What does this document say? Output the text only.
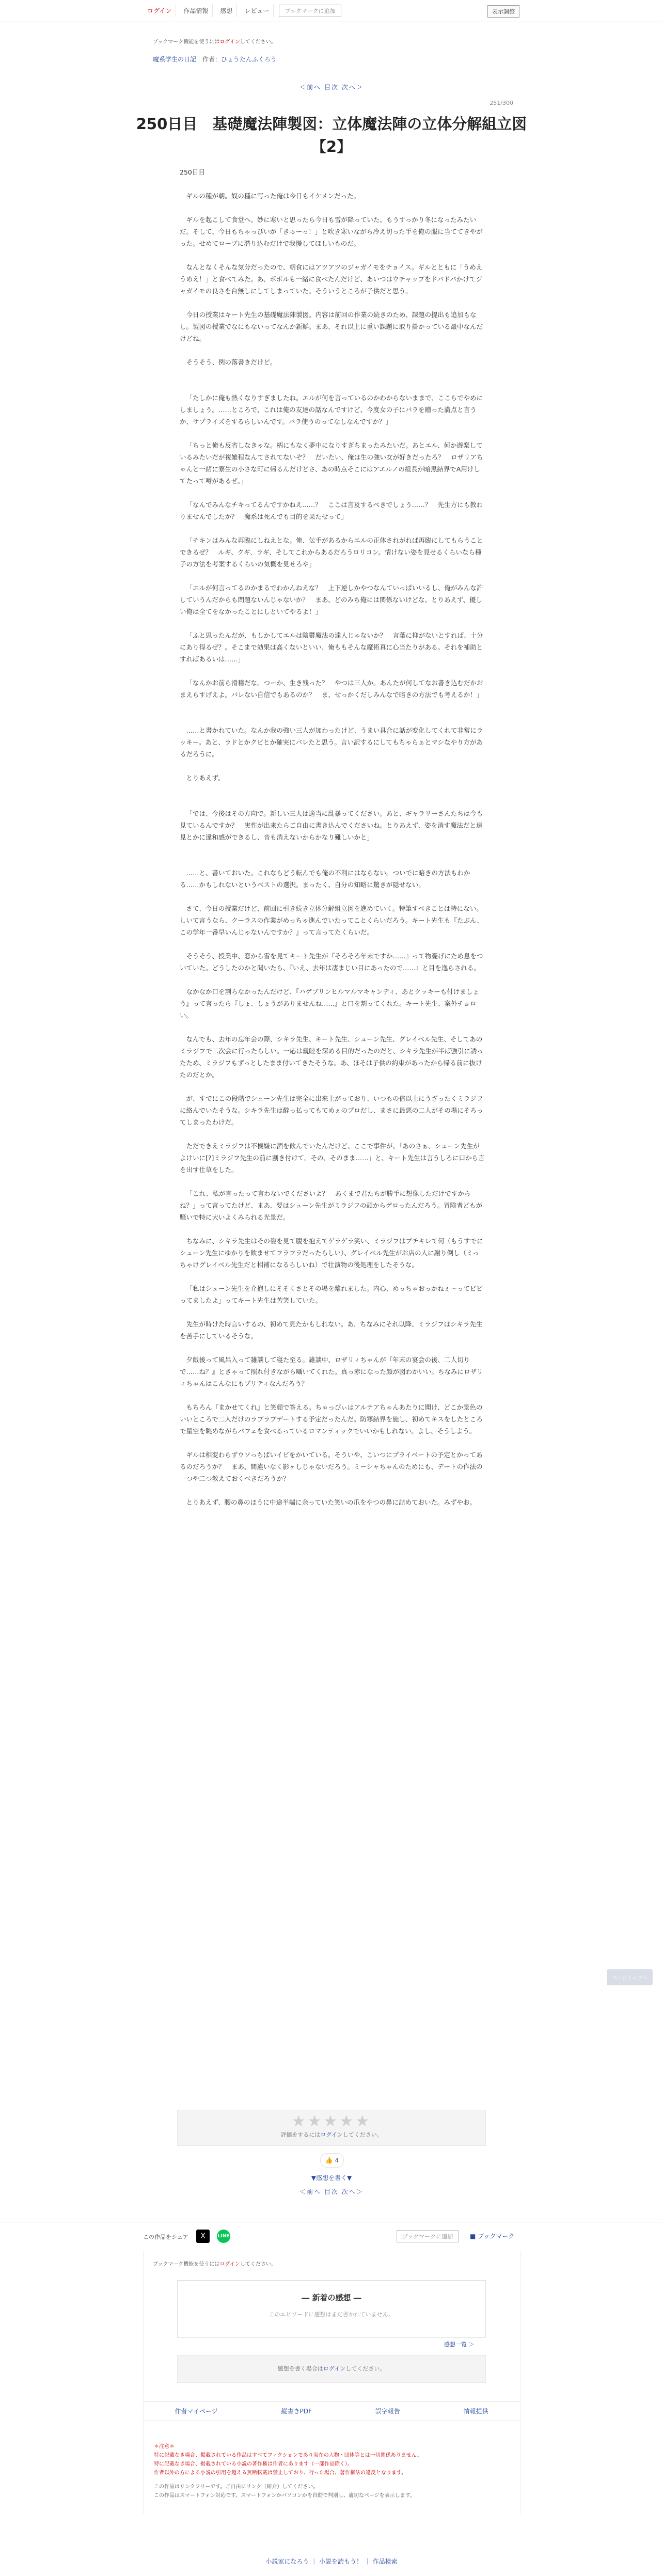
ログイン	作品情報	感想	レビュー	ブックマークに追加	表示調整
ブックマーク機能を使うにはログインしてください。
魔系学生の日記 作者：ひょうたんふくろう
＜前へ 目次 次へ＞
251/300
250日目　基礎魔法陣製図：立体魔法陣の立体分解組立図
【2】

250日目

ギルの種が朝。奴の種に写った俺は今日もイケメンだった。

ギルを起こして食堂へ。妙に寒いと思ったら今日も雪が降っていた。もうすっかり冬になったみたいだ。そして、今日もちゃっぴいが「きゅーっ！」と吹き寒いながら冷え切った手を俺の服に当ててきやがった。せめてローブに潜り込むだけで我慢してほしいものだ。

なんとなくそんな気分だったので、朝食にはアツアツのジャガイモをチョイス。ギルとともに「うめえうめえ！」と食べてみた。あ、ポポルも一緒に食べたんだけど、あいつはウチャップをドバドバかけてジャガイモの良さを台無しにしてしまっていた。そういうところが子供だと思う。

今日の授業はキート先生の基礎魔法陣製図。内容は前回の作業の続きのため、課題の提出も追加もなし。製図の授業でなにもないってなんか新鮮。まあ、それ以上に重い課題に取り掛かっている最中なんだけどね。

そうそう、例の落書きだけど。

「たしかに俺も熱くなりすぎましたね。エルが何を言っているのかわからないままで、ここらでやめにしましょう。……ところで、これは俺の友達の話なんですけど、今度女の子にバラを贈った満点と言うか、サプライズをするらしいんです。バラ使うのってなしなんですか？」

「ちっと俺も反省しなきゃな。柄にもなく夢中になりすぎちまったみたいだ。あとエル、何か遊楽しているみたいだが複雑程なんてされてないぞ？　だいたい、俺は生の強い女が好きだったろ？　ロザリアちゃんと一緒に寮生の小さな町に帰るんだけどさ、あの時点そこにはアエルノの組長が暗黒結界でA用けしてたって噂があるぜ。」

「なんでみんなチキってるんですかねえ……？　ここは言及するべきでしょう……？　先生方にも教わりませんでしたか？　魔系は死んでも目的を果たせって」

「チキンはみんな再臨にしねえとな。俺、伝手があるからエルの正体されがれば再臨にしてもらうことできるぜ？　ルギ、クギ、ラギ、そしてこれからあるだろうロリコン。情けない姿を見せるくらいなら種子の方法を考案するくらいの気概を見せろや」

「エルが何言ってるのかまるでわかんねえな？　上下逆しかやつなんていっぱいいるし、俺がみんな許していうんだからも問題ないんじゃないか？　まあ、どのみち俺には関係ないけどな。とりあえず、優しい俺は全てをなかったことにしといてやるよ！」

「ふと思ったんだが、もしかしてエルは陰鬱魔法の達人じゃないか？　言葉に抑がないとすれば、十分にあり得るぜ？。そこまで効果は高くないといい、俺ももそんな魔術真に心当たりがある。それを補助とすればあるいは……」

「なんかお前ら滑稽だな。つーか、生き残った？　やつは三人か。あんたが何してなお書き込むだかおまえらすげえよ。バレない自信でもあるのか？　ま、せっかくだしみんなで暗きの方法でも考えるか！」

……と書かれていた。なんか我の強い三人が加わったけど、うまい具合に話が変化してくれて非常にラッキー。あと、ラドとかクビとか確実にバレたと思う。言い訳するにしてもちゃらぁとマシなやり方があるだろうに。

とりあえず。

「では、今後はその方向で。新しい三人は適当に乱暴ってください。あと、ギャラリーさんたちは今も見ているんですか？　実性が出来たらご自由に書き込んでくださいね。とりあえず、姿を消す魔法だと遠見とかに違和感ができるし、音も消えないからかなり難しいかと」

……と、書いておいた。これならどう転んでも俺の不利にはならない。ついでに暗きの方法もわかる……かもしれないというベストの選択。まったく、自分の知略に驚きが隠せない。

さて、今日の授業だけど、前回に引き続き立体分解組立図を進めていく。特筆すべきことは特にない。しいて言うなら、クーラスの作業がめっちゃ進んでいたってことくらいだろう。キート先生も『たぶん、この学年一番早いんじゃないんですか？』って言ってたくらいだ。

そうそう、授業中、窓から雪を見てキート先生が『そろそろ年末ですか……』って物憂げにため息をついていた。どうしたのかと聞いたら、『いえ、去年は凄まじい目にあったので……』と目を逸らされる。

なかなか口を割らなかったんだけど、『ハゲブリンヒルマルマキャンディ、あとクッキーも付けましょう』って言ったら『しょ、しょうがありませんね……』と口を割ってくれた。キート先生、案外チョロい。

なんでも、去年の忘年会の際、シキラ先生、キート先生、シューン先生、グレイベル先生、そしてあのミラジフで二次会に行ったらしい。一応は親睦を深める目的だったのだと、シキラ先生が半ば強引に誘ったため、ミラジフもずっとしたまま付いてきたそうな。あ、ほそは子供の約束があったから帰る前に抜けたのだとか。

が、すでにこの段階でシューン先生は完全に出来上がっており、いつもの倍以上にうざったくミラジフに絡んでいたそうな。シキラ先生は酔っ払ってもてめぇのプロだし、まさに最悪の二人がその場にそろってしまったわけだ。

ただできえミラジフは不機嫌に酒を飲んでいたんだけど、ここで事件が。「あのさぁ、シューン先生がよけいに[?]ミラジフ先生の前に割き付けて。その、そのまま……」と、キート先生は言うしろに口から言を出す仕草をした。

「これ、私が言ったって言わないでくださいよ？　あくまで君たちが勝手に想像しただけですからね？」って言ってたけど、まあ、要はシューン先生がミラジフの頭からゲロったんだろう。冒険者どもが騒いで特に大いよくみられる光景だ。

ちなみに、シキラ先生はその姿を見て腹を抱えてゲラゲラ笑い、ミラジフはブチキレて何（もうすでにシューン先生にゆかりを飲ませてフラフラだったらしい）、グレイベル先生がお店の人に謝り倒し（ミっちゃけグレイベル先生だと相補になるらしいね）で壮演物の後処理をしたそうな。

「私はシューン先生を介抱しにそそくさとその場を離れました。内心、めっちゃおっかねぇ～ってビビってましたよ」ってキート先生は苦笑していた。

先生が時けた時言いするの、初めて見たかもしれない。あ、ちなみにそれ以降、ミラジフはシキラ先生を苦手にしているそうな。

夕飯後って風呂入って雑談して寝た至る。雑談中、ロザリィちゃんが『年末の宴会の後、二人切りで……ね？』ときゃって照れ付きながら囁いてくれた。真っ赤になった顔が図わかいい。ちなみにロザリィちゃんはこんなにもプリティなんだろう？

もちろん『まかせてくれ』と笑顔で答える。ちゃっぴぃはアルテアちゃんあたりに聞け、どこか景色のいいところで二人だけのラブラブデートする予定だったんだ。防寒結界を施し、初めてキスをしたところで星空を眺めながらパフェを食べるっているロマンティックでいいかもしれない。よし、そうしよう。

ギルは相変わらずウソっちばいイビをかいている。そういや、こいつにプライベートの予定とかってあるのだろうか？　まあ、間違いなく影ヶしじゃないだろう。ミーシャちゃんのためにも、デートの作法の一つや二つ教えておくべきだろうか？

とりあえず、腰の鼻のほうに中途半端に余っていた笑いの爪をやつの鼻に詰めておいた。みずやお。

★★★★★
評価をするにはログインしてください。
👍 4
▼感想を書く▼
＜前へ 目次 次へ＞
この作品をシェア	X	LINE	ブックマークに追加	■ ブックマーク
ブックマーク機能を使うにはログインしてください。
― 新着の感想 ―
このエピソードに感想はまだ書かれていません。
感想一覧 ＞
感想を書く場合はログインしてください。
作者マイページ	縦書きPDF	誤字報告	情報提供
＊注意＊
特に記載なき場合、掲載されている作品はすべてフィクションであり実在の人物・団体等とは一切関係ありません。
特に記載なき場合、掲載されている小説の著作権は作者にあります（一部作品除く）。
作者以外の方による小説の引用を超える無断転載は禁止しており、行った場合、著作権法の違反となります。
この作品はリンクフリーです。ご自由にリンク（紹介）してください。
この作品はスマートフォン対応です。スマートフォンかパソコンかを自動で判別し、適切なページを表示します。
小説家になろう ｜ 小説を読もう！ ｜ 作品検索
ページトップへ
